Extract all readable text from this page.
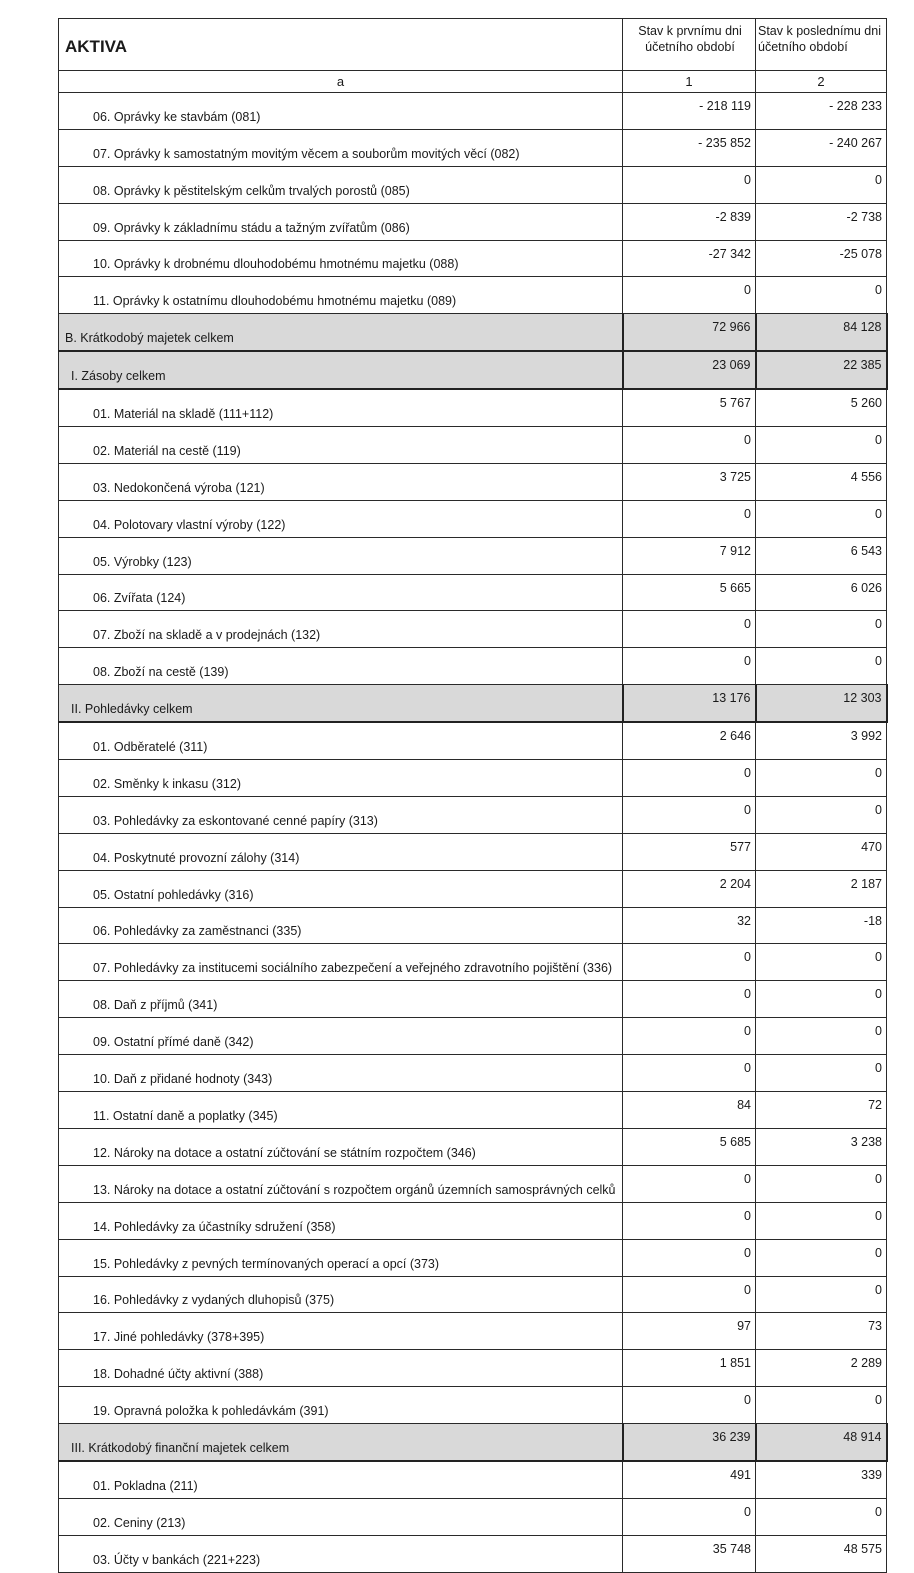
AKTIVA	Stav k prvnímu dni účetního období	Stav k poslednímu dni účetního období
a	1	2
06. Oprávky ke stavbám (081)	- 218 119	- 228 233
07. Oprávky k samostatným movitým věcem a souborům movitých věcí (082)	- 235 852	- 240 267
08. Oprávky k pěstitelským celkům trvalých porostů (085)	0	0
09. Oprávky k základnímu stádu a tažným zvířatům (086)	-2 839	-2 738
10. Oprávky k drobnému dlouhodobému hmotnému majetku (088)	-27 342	-25 078
11. Oprávky k ostatnímu dlouhodobému hmotnému majetku (089)	0	0
B. Krátkodobý majetek celkem	72 966	84 128
I. Zásoby celkem	23 069	22 385
01. Materiál na skladě (111+112)	5 767	5 260
02. Materiál na cestě (119)	0	0
03. Nedokončená výroba (121)	3 725	4 556
04. Polotovary vlastní výroby (122)	0	0
05. Výrobky (123)	7 912	6 543
06. Zvířata (124)	5 665	6 026
07. Zboží na skladě a v prodejnách (132)	0	0
08. Zboží na cestě (139)	0	0
II. Pohledávky celkem	13 176	12 303
01. Odběratelé (311)	2 646	3 992
02. Směnky k inkasu (312)	0	0
03. Pohledávky za eskontované cenné papíry (313)	0	0
04. Poskytnuté provozní zálohy (314)	577	470
05. Ostatní pohledávky (316)	2 204	2 187
06. Pohledávky za zaměstnanci (335)	32	-18
07. Pohledávky za institucemi sociálního zabezpečení a veřejného zdravotního pojištění (336)	0	0
08. Daň z příjmů (341)	0	0
09. Ostatní přímé daně (342)	0	0
10. Daň z přidané hodnoty (343)	0	0
11. Ostatní daně a poplatky (345)	84	72
12. Nároky na dotace a ostatní zúčtování se státním rozpočtem (346)	5 685	3 238
13. Nároky na dotace a ostatní zúčtování s rozpočtem orgánů územních samosprávných celků	0	0
14. Pohledávky za účastníky sdružení (358)	0	0
15. Pohledávky z pevných termínovaných operací a opcí (373)	0	0
16. Pohledávky z vydaných dluhopisů (375)	0	0
17. Jiné pohledávky (378+395)	97	73
18. Dohadné účty aktivní (388)	1 851	2 289
19. Opravná položka k pohledávkám (391)	0	0
III. Krátkodobý finanční majetek celkem	36 239	48 914
01. Pokladna (211)	491	339
02. Ceniny (213)	0	0
03. Účty v bankách (221+223)	35 748	48 575
